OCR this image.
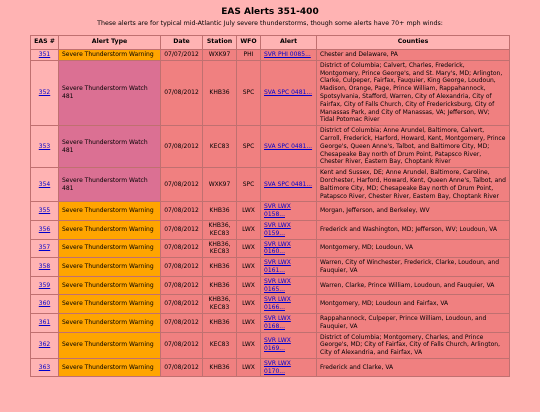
EAS Alerts 351-400
These alerts are for typical mid-Atlantic July severe thunderstorms, though some alerts have 70+ mph winds:
EAS #	Alert Type	Date	Station	WFO	Alert	Counties
351	Severe Thunderstorm Warning	07/07/2012	WXK97	PHI	SVR PHI 0085...	Chester and Delaware, PA
352	Severe Thunderstorm Watch 481	07/08/2012	KHB36	SPC	SVA SPC 0481...	District of Columbia; Calvert, Charles, Frederick, Montgomery, Prince George's, and St. Mary's, MD; Arlington, Clarke, Culpeper, Fairfax, Fauquier, King George, Loudoun, Madison, Orange, Page, Prince William, Rappahannock, Spotsylvania, Stafford, Warren, City of Alexandria, City of Fairfax, City of Falls Church, City of Fredericksburg, City of Manassas Park, and City of Manassas, VA; Jefferson, WV; Tidal Potomac River
353	Severe Thunderstorm Watch 481	07/08/2012	KEC83	SPC	SVA SPC 0481...	District of Columbia; Anne Arundel, Baltimore, Calvert, Carroll, Frederick, Harford, Howard, Kent, Montgomery, Prince George's, Queen Anne's, Talbot, and Baltimore City, MD; Chesapeake Bay north of Drum Point, Patapsco River, Chester River, Eastern Bay, Choptank River
354	Severe Thunderstorm Watch 481	07/08/2012	WXK97	SPC	SVA SPC 0481...	Kent and Sussex, DE; Anne Arundel, Baltimore, Caroline, Dorchester, Harford, Howard, Kent, Queen Anne's, Talbot, and Baltimore City, MD; Chesapeake Bay north of Drum Point, Patapsco River, Chester River, Eastern Bay, Choptank River
355	Severe Thunderstorm Warning	07/08/2012	KHB36	LWX	SVR LWX 0158...	Morgan, Jefferson, and Berkeley, WV
356	Severe Thunderstorm Warning	07/08/2012	KHB36, KEC83	LWX	SVR LWX 0159...	Frederick and Washington, MD; Jefferson, WV; Loudoun, VA
357	Severe Thunderstorm Warning	07/08/2012	KHB36, KEC83	LWX	SVR LWX 0160...	Montgomery, MD; Loudoun, VA
358	Severe Thunderstorm Warning	07/08/2012	KHB36	LWX	SVR LWX 0161...	Warren, City of Winchester, Frederick, Clarke, Loudoun, and Fauquier, VA
359	Severe Thunderstorm Warning	07/08/2012	KHB36	LWX	SVR LWX 0165...	Warren, Clarke, Prince William, Loudoun, and Fauquier, VA
360	Severe Thunderstorm Warning	07/08/2012	KHB36, KEC83	LWX	SVR LWX 0166...	Montgomery, MD; Loudoun and Fairfax, VA
361	Severe Thunderstorm Warning	07/08/2012	KHB36	LWX	SVR LWX 0168...	Rappahannock, Culpeper, Prince William, Loudoun, and Fauquier, VA
362	Severe Thunderstorm Warning	07/08/2012	KEC83	LWX	SVR LWX 0169...	District of Columbia; Montgomery, Charles, and Prince George's, MD; City of Fairfax, City of Falls Church, Arlington, City of Alexandria, and Fairfax, VA
363	Severe Thunderstorm Warning	07/08/2012	KHB36	LWX	SVR LWX 0170...	Frederick and Clarke, VA
